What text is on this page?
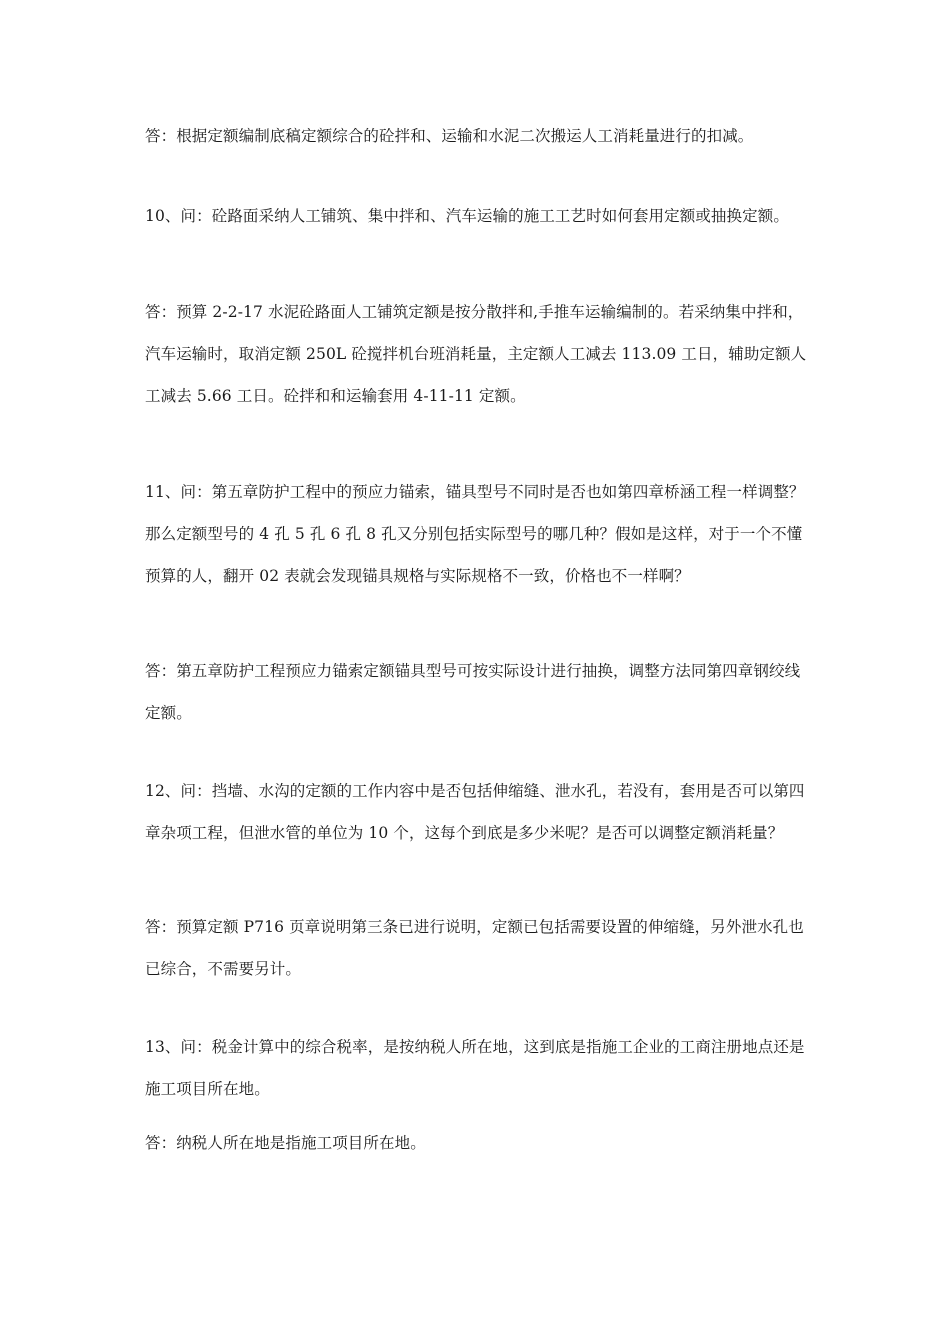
答：根据定额编制底稿定额综合的砼拌和、运输和水泥二次搬运人工消耗量进行的扣减。

10、问：砼路面采纳人工铺筑、集中拌和、汽车运输的施工工艺时如何套用定额或抽换定额。

答：预算 2-2-17 水泥砼路面人工铺筑定额是按分散拌和,手推车运输编制的。若采纳集中拌和，汽车运输时，取消定额 250L 砼搅拌机台班消耗量，主定额人工减去 113.09 工日，辅助定额人工减去 5.66 工日。砼拌和和运输套用 4-11-11 定额。

11、问：第五章防护工程中的预应力锚索，锚具型号不同时是否也如第四章桥涵工程一样调整？那么定额型号的 4 孔 5 孔 6 孔 8 孔又分别包括实际型号的哪几种？假如是这样，对于一个不懂预算的人，翻开 02 表就会发现锚具规格与实际规格不一致，价格也不一样啊？

答：第五章防护工程预应力锚索定额锚具型号可按实际设计进行抽换，调整方法同第四章钢绞线定额。

12、问：挡墙、水沟的定额的工作内容中是否包括伸缩缝、泄水孔，若没有，套用是否可以第四章杂项工程，但泄水管的单位为 10 个，这每个到底是多少米呢？是否可以调整定额消耗量？

答：预算定额 P716 页章说明第三条已进行说明，定额已包括需要设置的伸缩缝，另外泄水孔也已综合，不需要另计。

13、问：税金计算中的综合税率，是按纳税人所在地，这到底是指施工企业的工商注册地点还是施工项目所在地。

答：纳税人所在地是指施工项目所在地。
